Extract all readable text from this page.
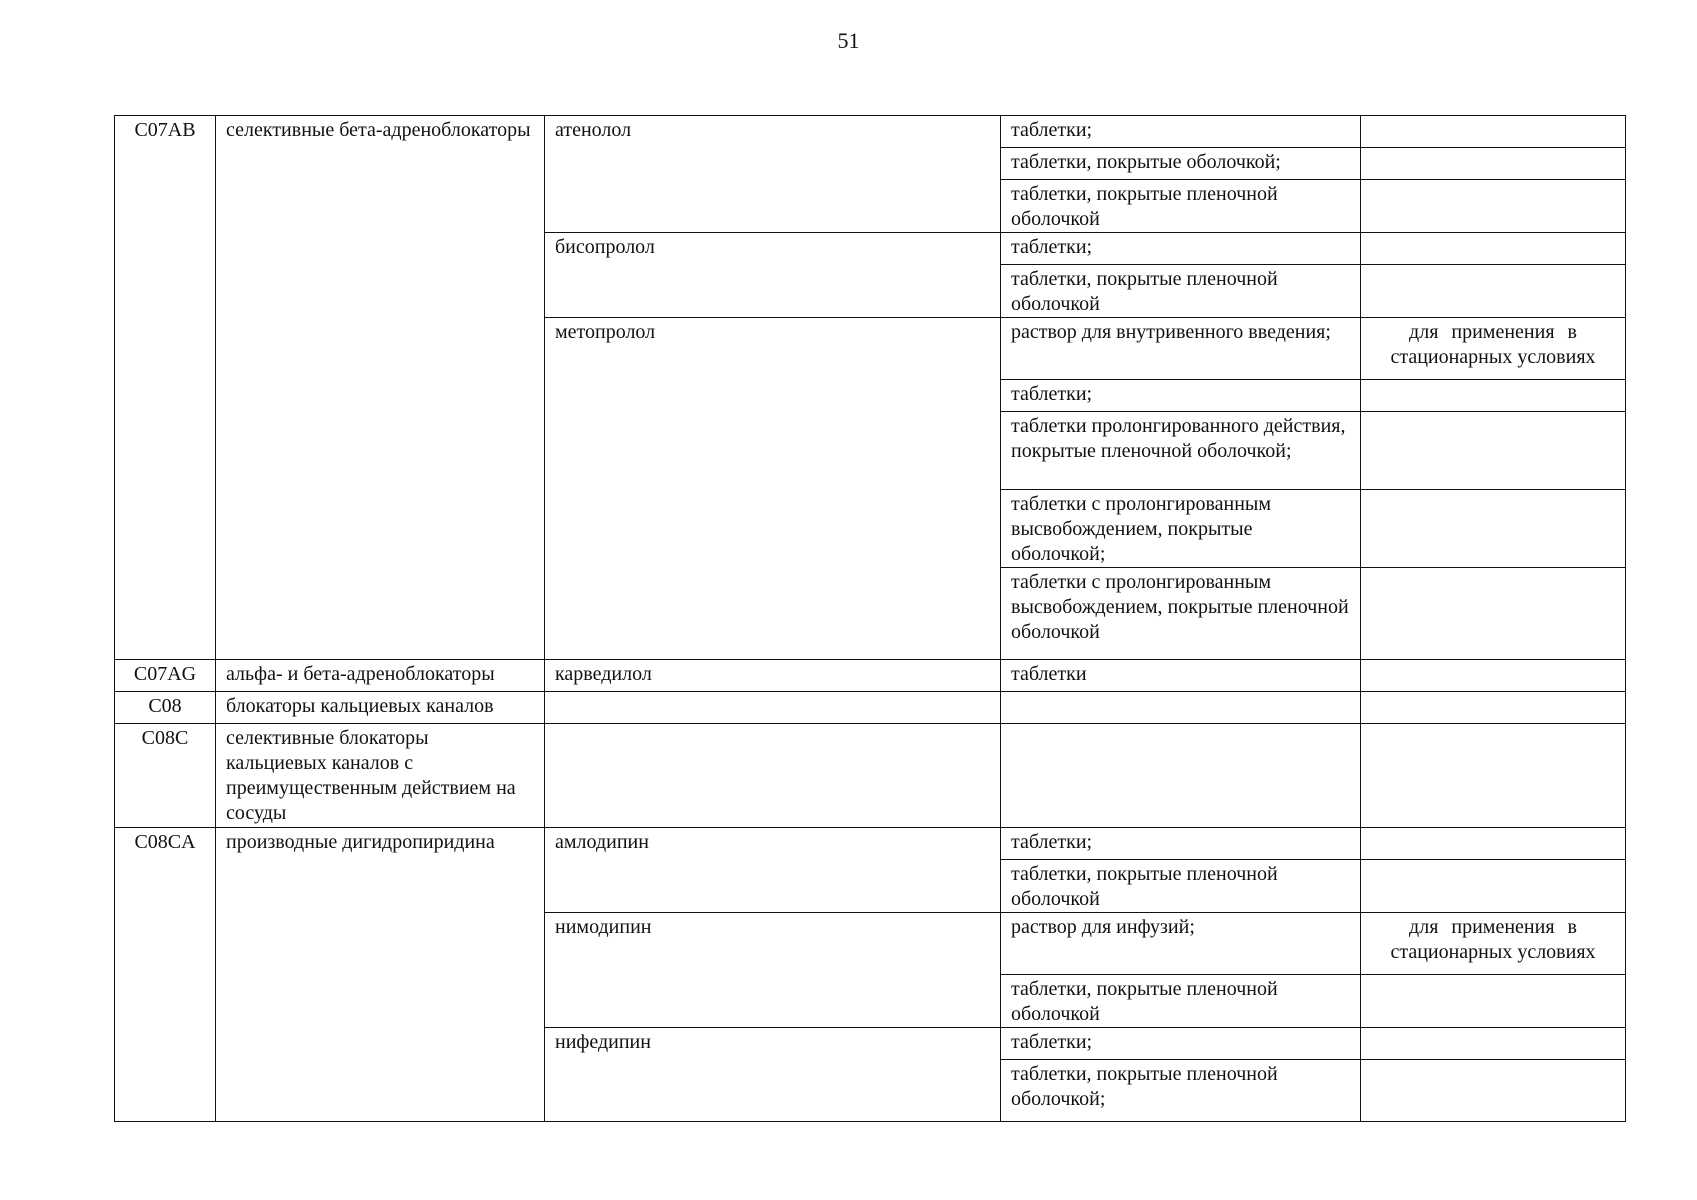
51
C07AB	селективные бета-адреноблокаторы	атенолол	таблетки;	

			таблетки, покрытые оболочкой;	

			таблетки, покрытые пленочной оболочкой	

		бисопролол	таблетки;	

			таблетки, покрытые пленочной оболочкой	

		метопролол	раствор для внутривенного введения;	для применения в
стационарных условиях

			таблетки;	

			таблетки пролонгированного действия, покрытые пленочной оболочкой;	

			таблетки с пролонгированным высвобождением, покрытые оболочкой;	

			таблетки с пролонгированным высвобождением, покрытые пленочной оболочкой	

C07AG	альфа- и бета-адреноблокаторы	карведилол	таблетки	

C08	блокаторы кальциевых каналов			

C08C	селективные блокаторы кальциевых каналов с преимущественным действием на сосуды			

C08CA	производные дигидропиридина	амлодипин	таблетки;	

			таблетки, покрытые пленочной оболочкой	

		нимодипин	раствор для инфузий;	для применения в
стационарных условиях

			таблетки, покрытые пленочной оболочкой	

		нифедипин	таблетки;	

			таблетки, покрытые пленочной оболочкой;	
